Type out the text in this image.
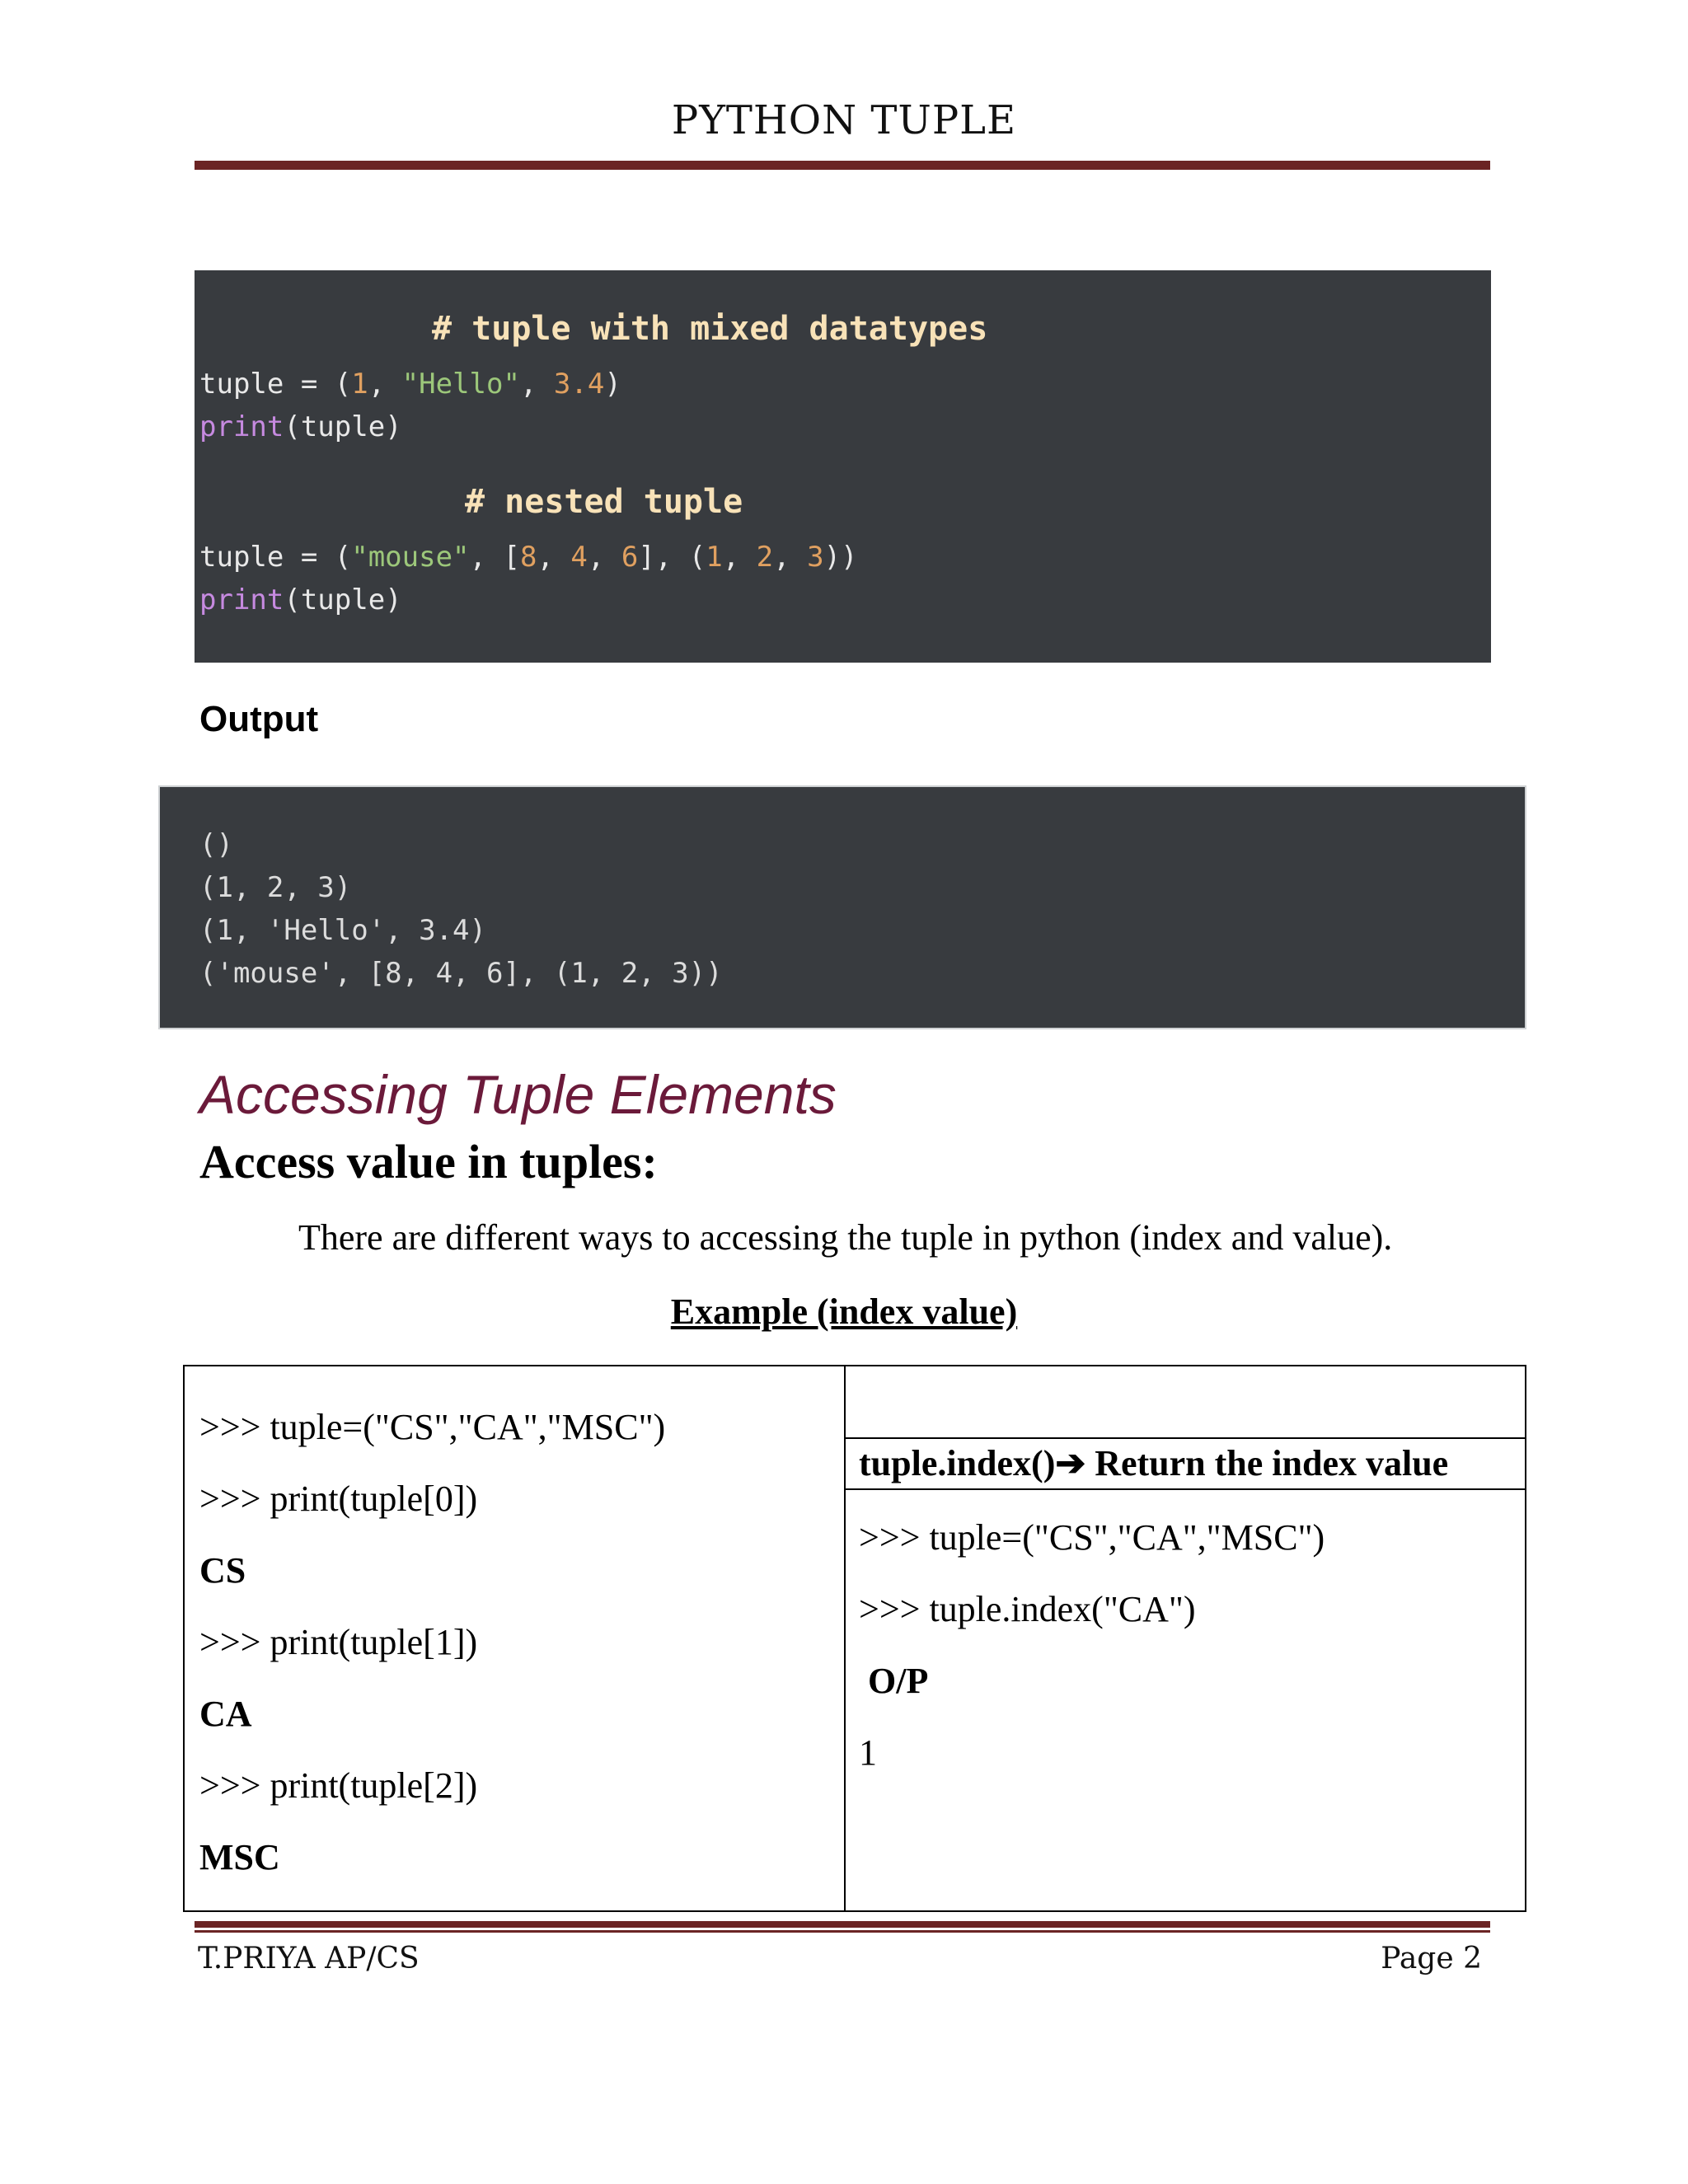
PYTHON TUPLE
# tuple with mixed datatypes
tuple = (1, "Hello", 3.4)
print(tuple)
# nested tuple
tuple = ("mouse", [8, 4, 6], (1, 2, 3))
print(tuple)
Output
()
(1, 2, 3)
(1, 'Hello', 3.4)
('mouse', [8, 4, 6], (1, 2, 3))
Accessing Tuple Elements
Access value in tuples:
There are different ways to accessing the tuple in python (index and value).
Example (index value)
>>> tuple=("CS","CA","MSC")
>>> print(tuple[0])
CS
>>> print(tuple[1])
CA
>>> print(tuple[2])
MSC
tuple.index()➔ Return the index value
>>> tuple=("CS","CA","MSC")
>>> tuple.index("CA")
O/P
1
T.PRIYA AP/CS	Page 2
